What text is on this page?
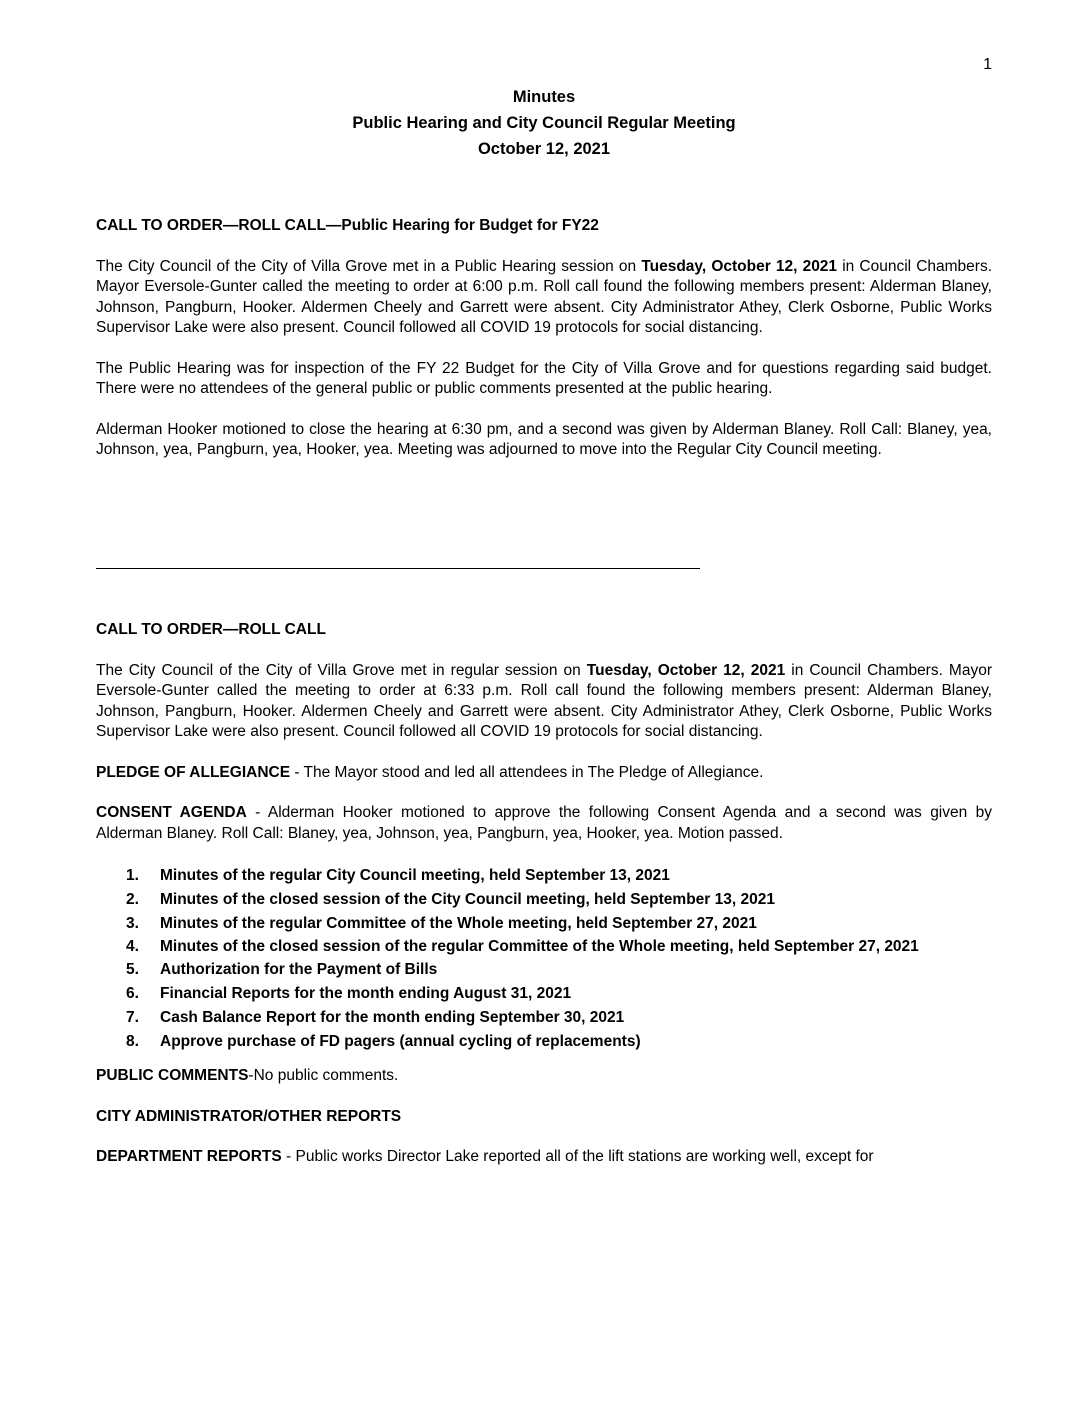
1
Minutes
Public Hearing and City Council Regular Meeting
October 12, 2021

CALL TO ORDER—ROLL CALL—Public Hearing for Budget for FY22

The City Council of the City of Villa Grove met in a Public Hearing session on Tuesday, October 12, 2021 in Council Chambers. Mayor Eversole-Gunter called the meeting to order at 6:00 p.m. Roll call found the following members present: Alderman Blaney, Johnson, Pangburn, Hooker. Aldermen Cheely and Garrett were absent. City Administrator Athey, Clerk Osborne, Public Works Supervisor Lake were also present. Council followed all COVID 19 protocols for social distancing.

The Public Hearing was for inspection of the FY 22 Budget for the City of Villa Grove and for questions regarding said budget. There were no attendees of the general public or public comments presented at the public hearing.

Alderman Hooker motioned to close the hearing at 6:30 pm, and a second was given by Alderman Blaney. Roll Call: Blaney, yea, Johnson, yea, Pangburn, yea, Hooker, yea. Meeting was adjourned to move into the Regular City Council meeting.

CALL TO ORDER—ROLL CALL

The City Council of the City of Villa Grove met in regular session on Tuesday, October 12, 2021 in Council Chambers. Mayor Eversole-Gunter called the meeting to order at 6:33 p.m. Roll call found the following members present: Alderman Blaney, Johnson, Pangburn, Hooker. Aldermen Cheely and Garrett were absent. City Administrator Athey, Clerk Osborne, Public Works Supervisor Lake were also present. Council followed all COVID 19 protocols for social distancing.

PLEDGE OF ALLEGIANCE - The Mayor stood and led all attendees in The Pledge of Allegiance.

CONSENT AGENDA - Alderman Hooker motioned to approve the following Consent Agenda and a second was given by Alderman Blaney. Roll Call: Blaney, yea, Johnson, yea, Pangburn, yea, Hooker, yea. Motion passed.

1. Minutes of the regular City Council meeting, held September 13, 2021
2. Minutes of the closed session of the City Council meeting, held September 13, 2021
3. Minutes of the regular Committee of the Whole meeting, held September 27, 2021
4. Minutes of the closed session of the regular Committee of the Whole meeting, held September 27, 2021
5. Authorization for the Payment of Bills
6. Financial Reports for the month ending August 31, 2021
7. Cash Balance Report for the month ending September 30, 2021
8. Approve purchase of FD pagers (annual cycling of replacements)

PUBLIC COMMENTS-No public comments.

CITY ADMINISTRATOR/OTHER REPORTS

DEPARTMENT REPORTS - Public works Director Lake reported all of the lift stations are working well, except for
